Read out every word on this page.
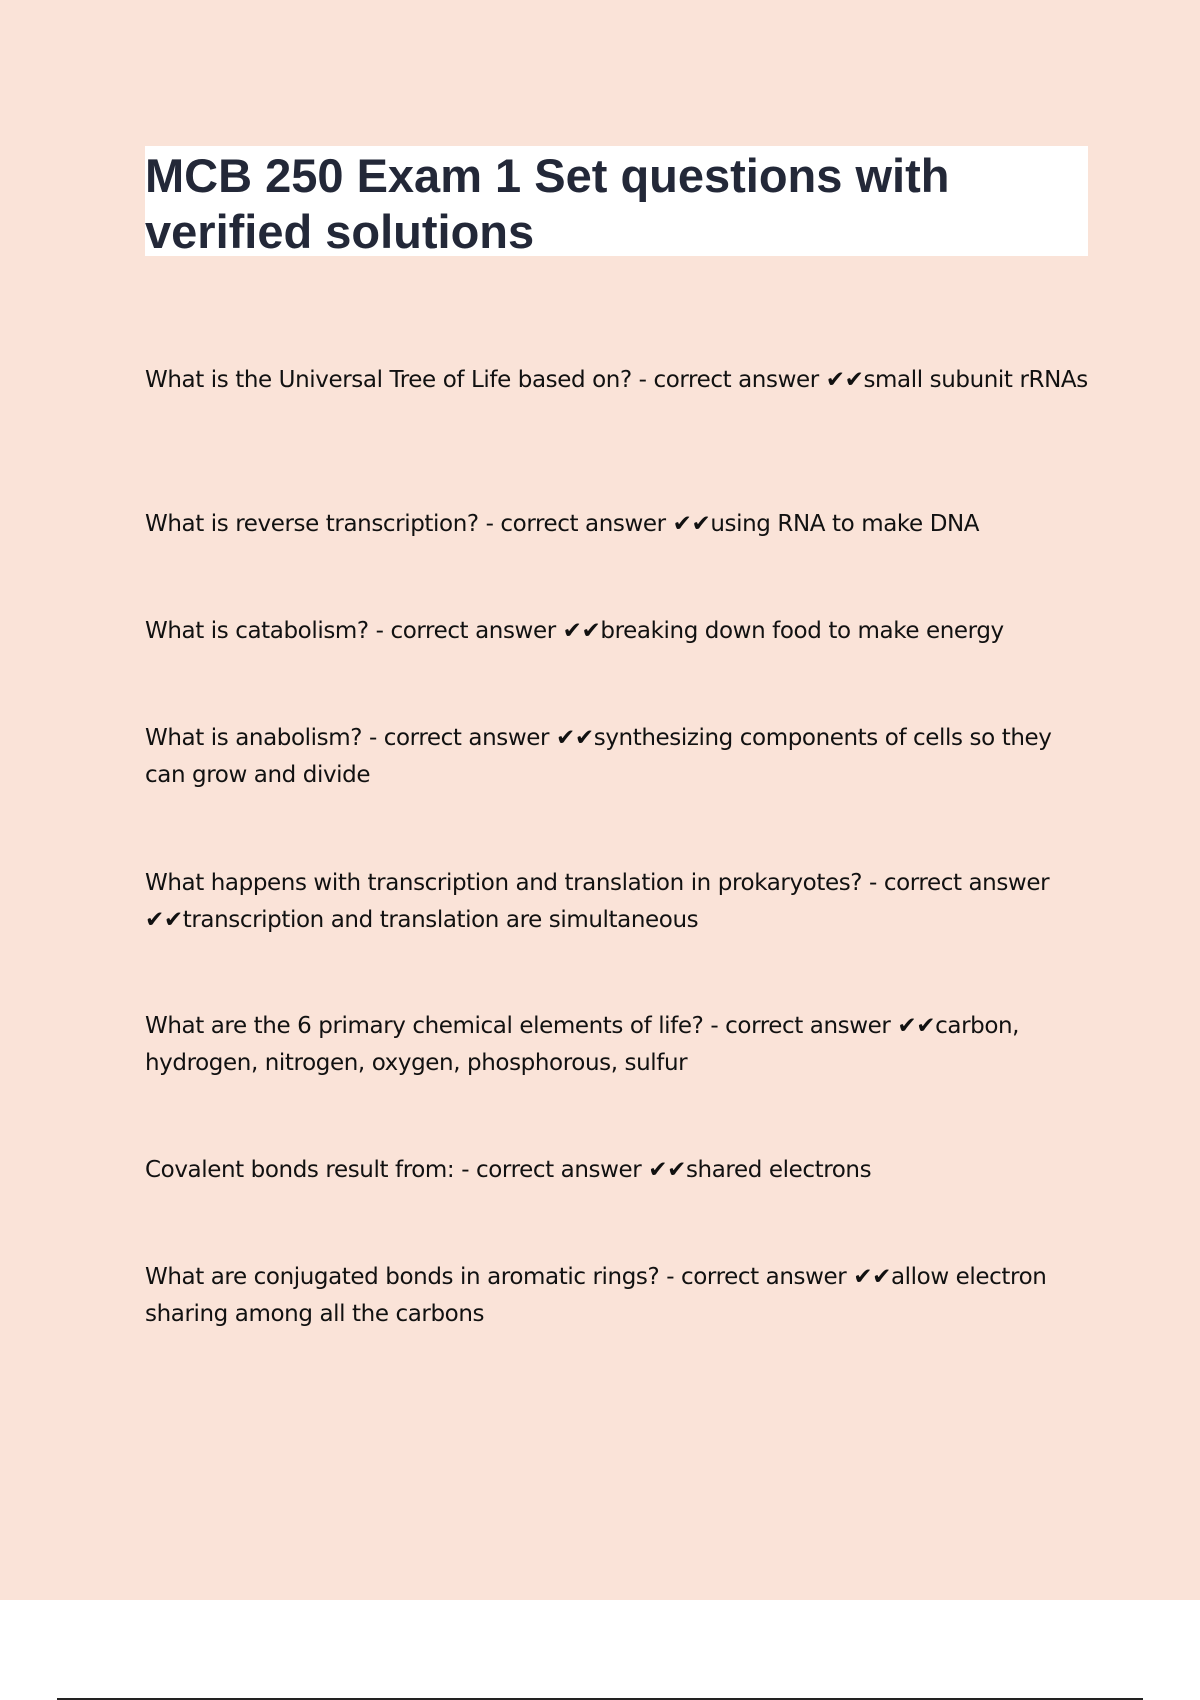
MCB 250 Exam 1 Set questions with verified solutions

What is the Universal Tree of Life based on? - correct answer ✔✔small subunit rRNAs

What is reverse transcription? - correct answer ✔✔using RNA to make DNA

What is catabolism? - correct answer ✔✔breaking down food to make energy

What is anabolism? - correct answer ✔✔synthesizing components of cells so they can grow and divide

What happens with transcription and translation in prokaryotes? - correct answer ✔✔transcription and translation are simultaneous

What are the 6 primary chemical elements of life? - correct answer ✔✔carbon, hydrogen, nitrogen, oxygen, phosphorous, sulfur

Covalent bonds result from: - correct answer ✔✔shared electrons

What are conjugated bonds in aromatic rings? - correct answer ✔✔allow electron sharing among all the carbons
